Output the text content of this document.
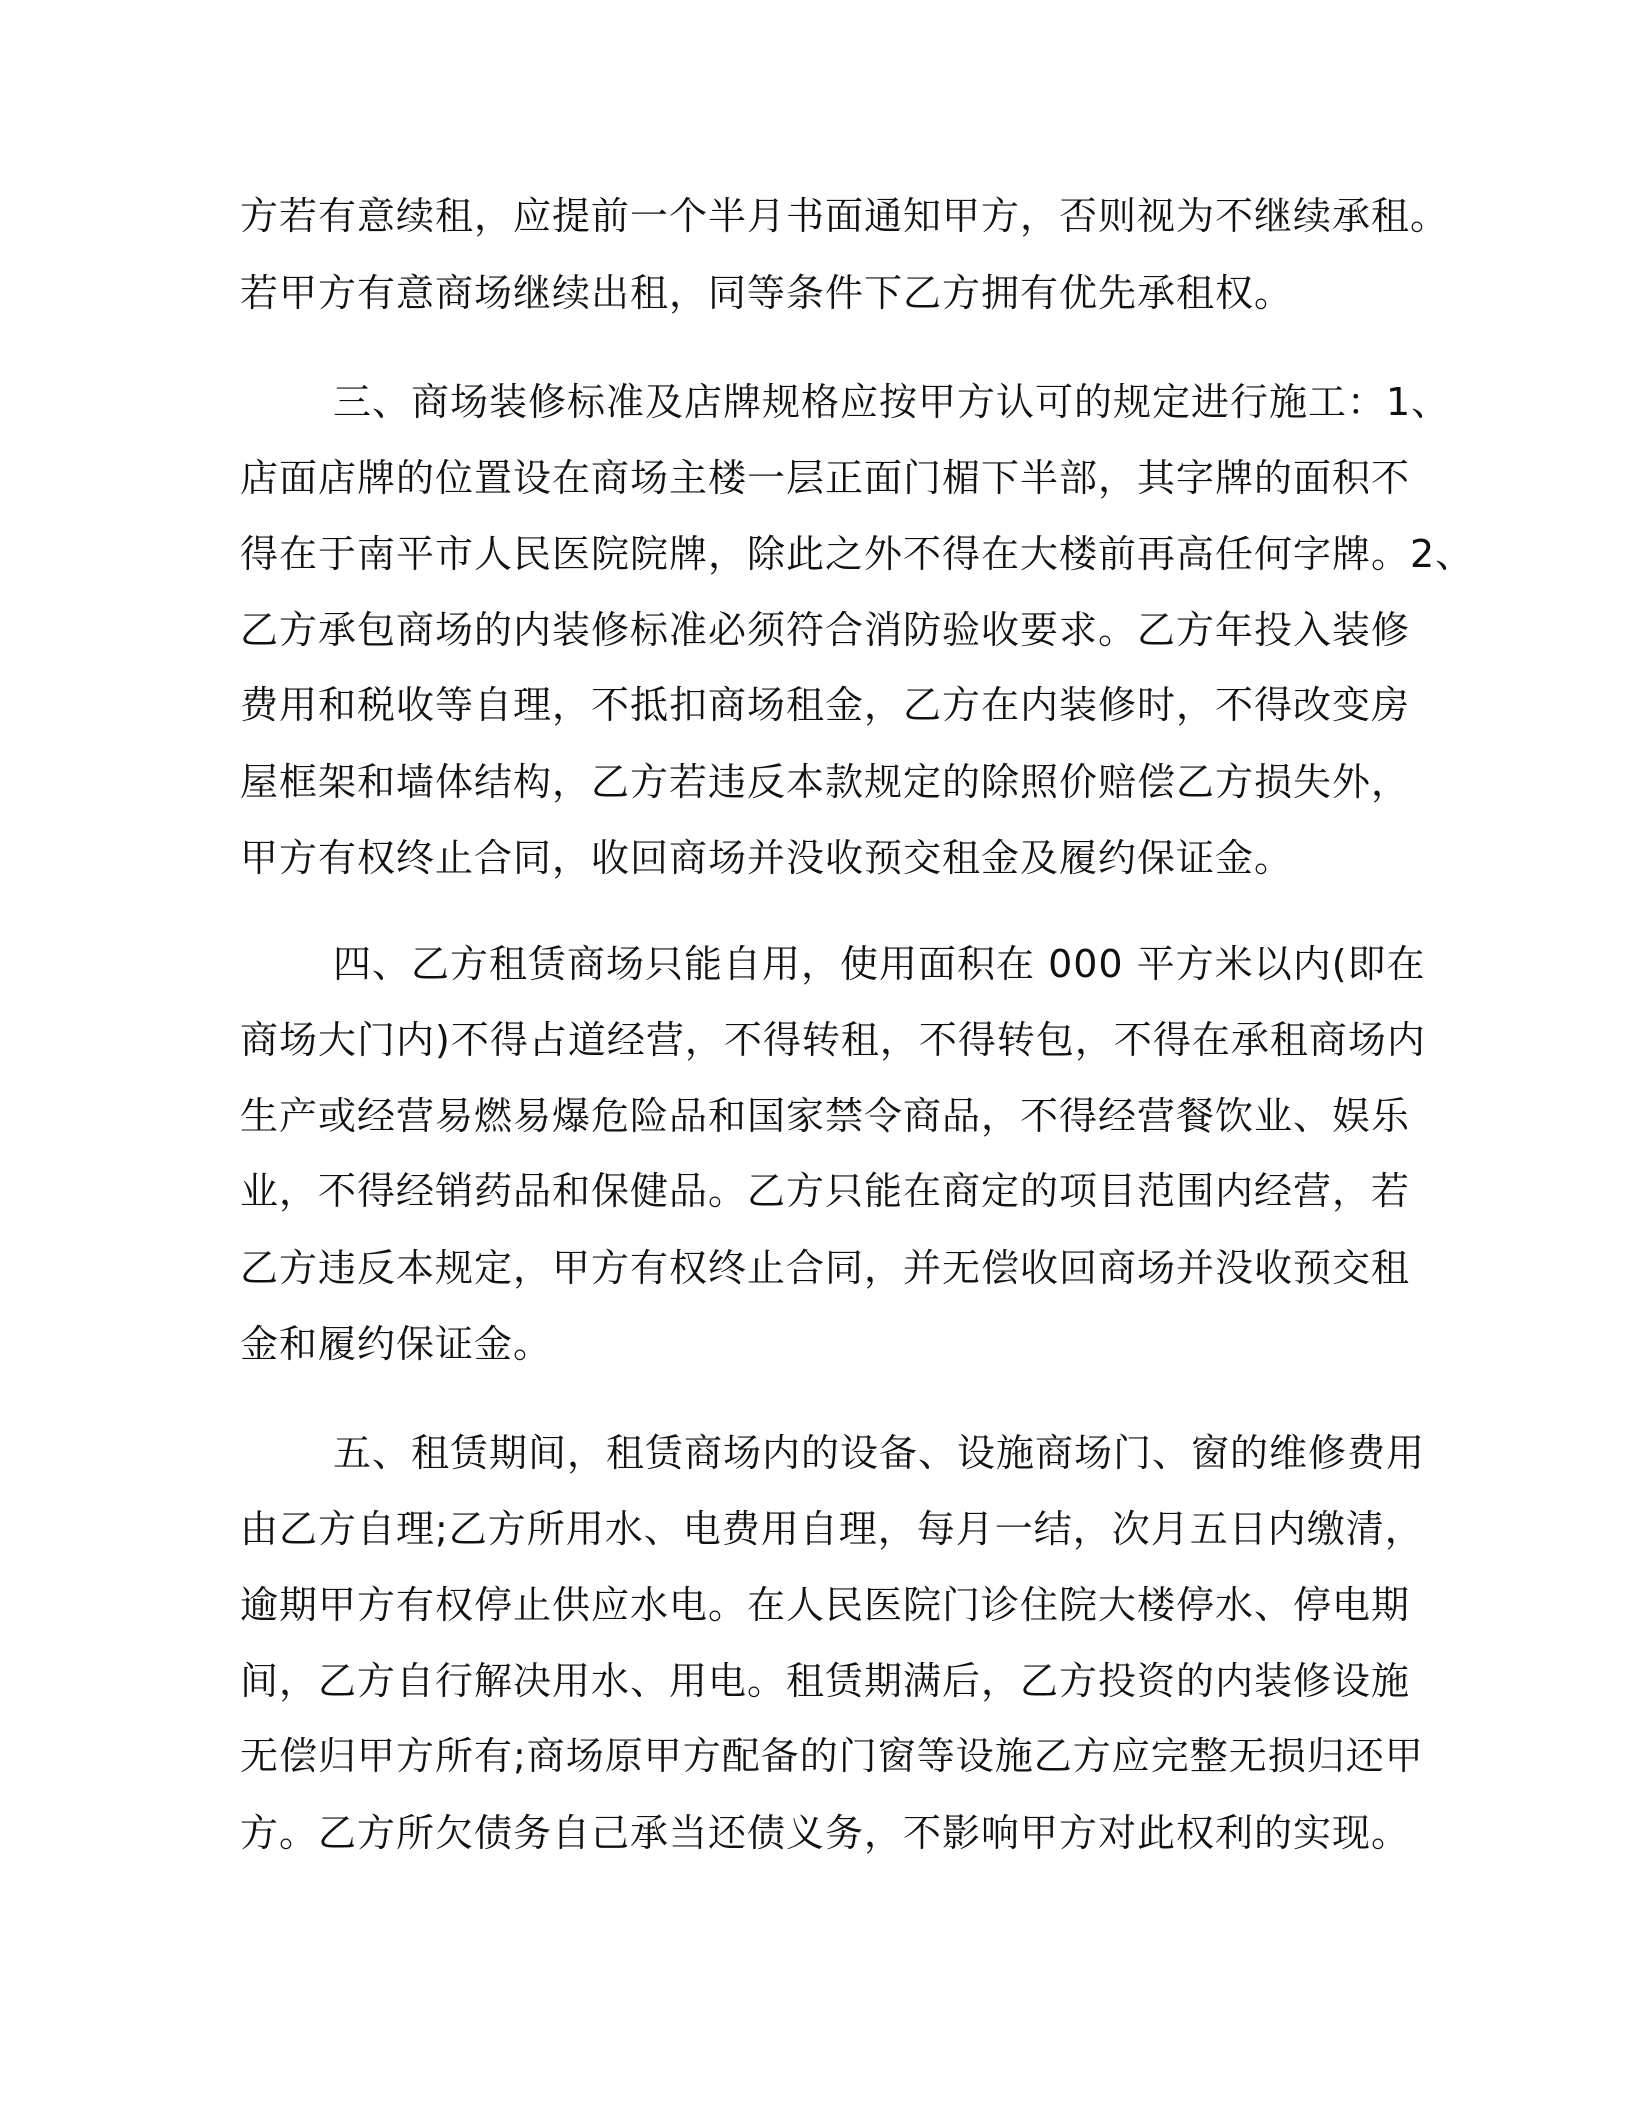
方若有意续租，应提前一个半月书面通知甲方，否则视为不继续承租。
若甲方有意商场继续出租，同等条件下乙方拥有优先承租权。
三、商场装修标准及店牌规格应按甲方认可的规定进行施工：1、
店面店牌的位置设在商场主楼一层正面门楣下半部，其字牌的面积不
得在于南平市人民医院院牌，除此之外不得在大楼前再高任何字牌。2、
乙方承包商场的内装修标准必须符合消防验收要求。乙方年投入装修
费用和税收等自理，不抵扣商场租金，乙方在内装修时，不得改变房
屋框架和墙体结构，乙方若违反本款规定的除照价赔偿乙方损失外，
甲方有权终止合同，收回商场并没收预交租金及履约保证金。
四、乙方租赁商场只能自用，使用面积在 000 平方米以内(即在
商场大门内)不得占道经营，不得转租，不得转包，不得在承租商场内
生产或经营易燃易爆危险品和国家禁令商品，不得经营餐饮业、娱乐
业，不得经销药品和保健品。乙方只能在商定的项目范围内经营，若
乙方违反本规定，甲方有权终止合同，并无偿收回商场并没收预交租
金和履约保证金。
五、租赁期间，租赁商场内的设备、设施商场门、窗的维修费用
由乙方自理;乙方所用水、电费用自理，每月一结，次月五日内缴清，
逾期甲方有权停止供应水电。在人民医院门诊住院大楼停水、停电期
间，乙方自行解决用水、用电。租赁期满后，乙方投资的内装修设施
无偿归甲方所有;商场原甲方配备的门窗等设施乙方应完整无损归还甲
方。乙方所欠债务自己承当还债义务，不影响甲方对此权利的实现。
